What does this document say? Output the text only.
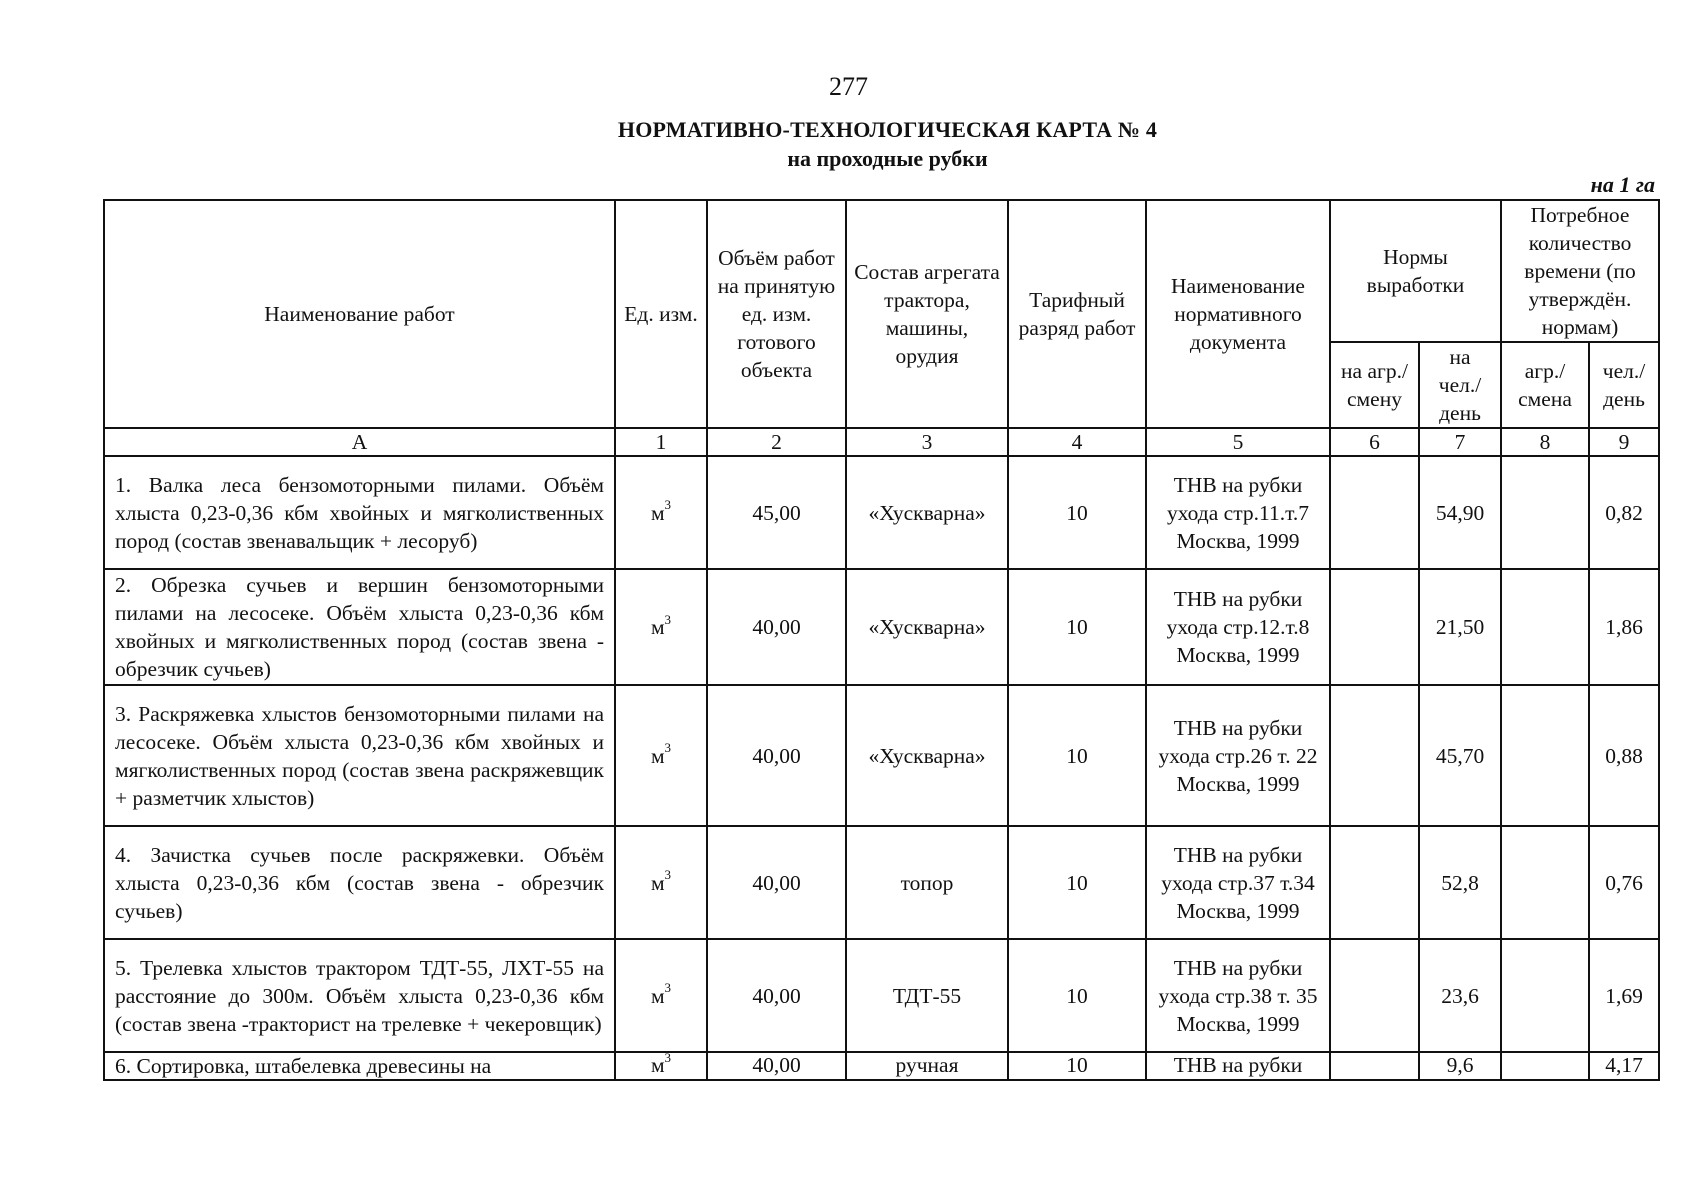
277
НОРМАТИВНО-ТЕХНОЛОГИЧЕСКАЯ КАРТА № 4
на проходные рубки
на 1 га
Наименование работ	Ед. изм.	Объём работ на принятую ед. изм. готового объекта	Состав агрегата трактора, машины, орудия	Тарифный разряд работ	Наименование нормативного документа	Нормы выработки		Потребное количество времени (по утверждён. нормам)	
						на агр./ смену	на чел./ день	агр./ смена	чел./ день
А	1	2	3	4	5	6	7	8	9
1. Валка леса бензомоторными пилами. Объём хлыста 0,23-0,36 кбм хвойных и мягколиственных пород (состав звенавальщик + лесоруб)	$м^3$	45,00	«Хускварна»	10	ТНВ на рубки ухода стр.11.т.7 Москва, 1999		54,90		0,82
2. Обрезка сучьев и вершин бензомоторными пилами на лесосеке. Объём хлыста 0,23-0,36 кбм хвойных и мягколиственных пород (состав звена - обрезчик сучьев)	$м^3$	40,00	«Хускварна»	10	ТНВ на рубки ухода стр.12.т.8 Москва, 1999		21,50		1,86
3. Раскряжевка хлыстов бензомоторными пилами на лесосеке. Объём хлыста 0,23-0,36 кбм хвойных и мягколиственных пород (состав звена раскряжевщик + разметчик хлыстов)	$м^3$	40,00	«Хускварна»	10	ТНВ на рубки ухода стр.26 т. 22 Москва, 1999		45,70		0,88
4. Зачистка сучьев после раскряжевки. Объём хлыста 0,23-0,36 кбм (состав звена - обрезчик сучьев)	$м^3$	40,00	топор	10	ТНВ на рубки ухода стр.37 т.34 Москва, 1999		52,8		0,76
5. Трелевка хлыстов трактором ТДТ-55, ЛХТ-55 на расстояние до 300м. Объём хлыста 0,23-0,36 кбм (состав звена -тракторист на трелевке + чекеровщик)	$м^3$	40,00	ТДТ-55	10	ТНВ на рубки ухода стр.38 т. 35 Москва, 1999		23,6		1,69
6. Сортировка, штабелевка древесины на	$м^3$	40,00	ручная	10	ТНВ на рубки		9,6		4,17
